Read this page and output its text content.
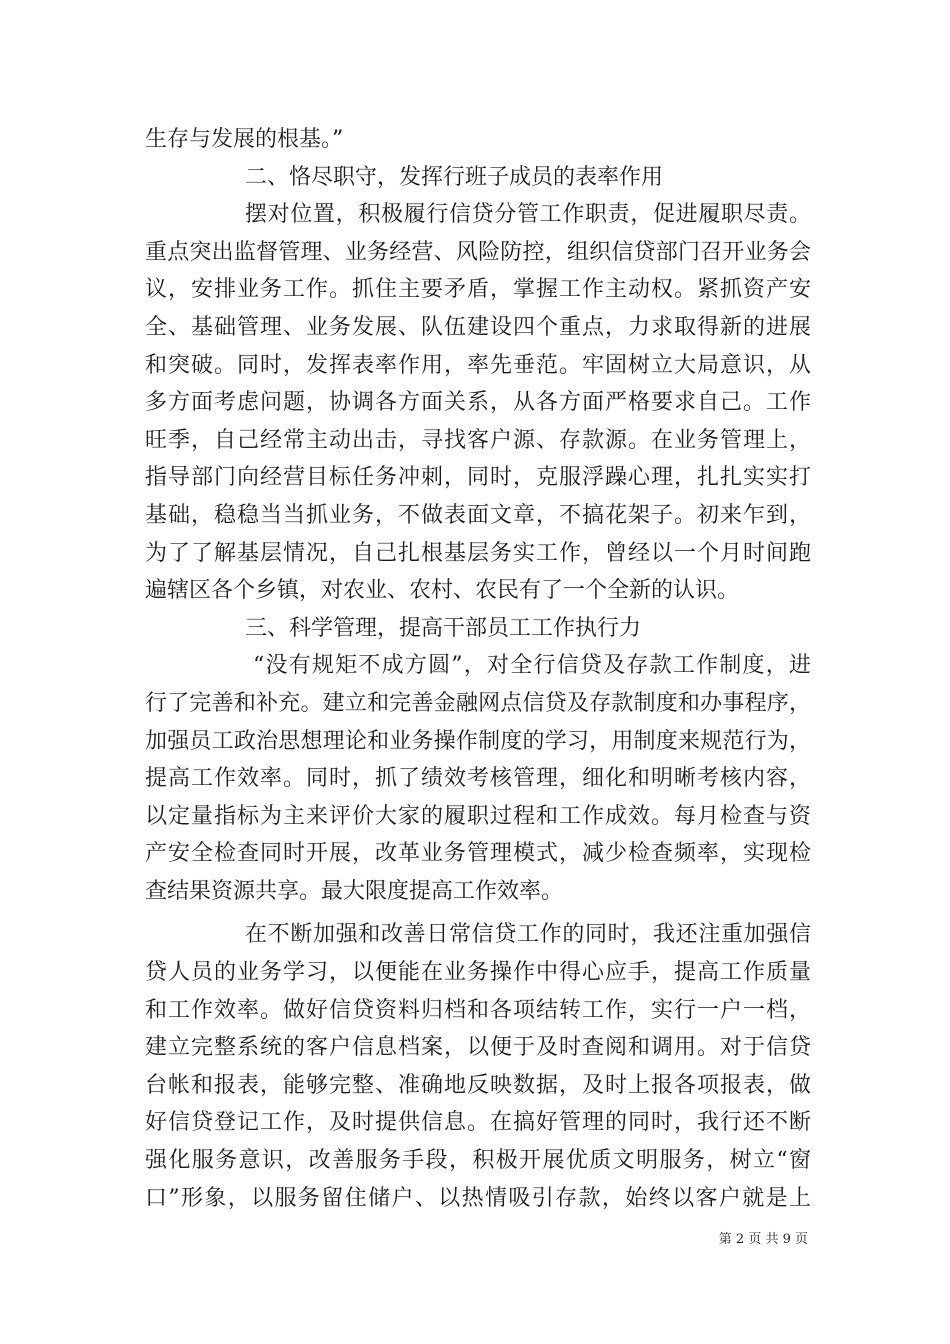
生存与发展的根基。”
二、恪尽职守，发挥行班子成员的表率作用
摆对位置，积极履行信贷分管工作职责，促进履职尽责。
重点突出监督管理、业务经营、风险防控，组织信贷部门召开业务会
议，安排业务工作。抓住主要矛盾，掌握工作主动权。紧抓资产安
全、基础管理、业务发展、队伍建设四个重点，力求取得新的进展
和突破。同时，发挥表率作用，率先垂范。牢固树立大局意识，从
多方面考虑问题，协调各方面关系，从各方面严格要求自己。工作
旺季，自己经常主动出击，寻找客户源、存款源。在业务管理上，
指导部门向经营目标任务冲刺，同时，克服浮躁心理，扎扎实实打
基础，稳稳当当抓业务，不做表面文章，不搞花架子。初来乍到，
为了了解基层情况，自己扎根基层务实工作，曾经以一个月时间跑
遍辖区各个乡镇，对农业、农村、农民有了一个全新的认识。
三、科学管理，提高干部员工工作执行力
“没有规矩不成方圆”，对全行信贷及存款工作制度，进
行了完善和补充。建立和完善金融网点信贷及存款制度和办事程序，
加强员工政治思想理论和业务操作制度的学习，用制度来规范行为，
提高工作效率。同时，抓了绩效考核管理，细化和明晰考核内容，
以定量指标为主来评价大家的履职过程和工作成效。每月检查与资
产安全检查同时开展，改革业务管理模式，减少检查频率，实现检
查结果资源共享。最大限度提高工作效率。
在不断加强和改善日常信贷工作的同时，我还注重加强信
贷人员的业务学习，以便能在业务操作中得心应手，提高工作质量
和工作效率。做好信贷资料归档和各项结转工作，实行一户一档，
建立完整系统的客户信息档案，以便于及时查阅和调用。对于信贷
台帐和报表，能够完整、准确地反映数据，及时上报各项报表，做
好信贷登记工作，及时提供信息。在搞好管理的同时，我行还不断
强化服务意识，改善服务手段，积极开展优质文明服务，树立“窗
口”形象，以服务留住储户、以热情吸引存款，始终以客户就是上
第 2 页 共 9 页
